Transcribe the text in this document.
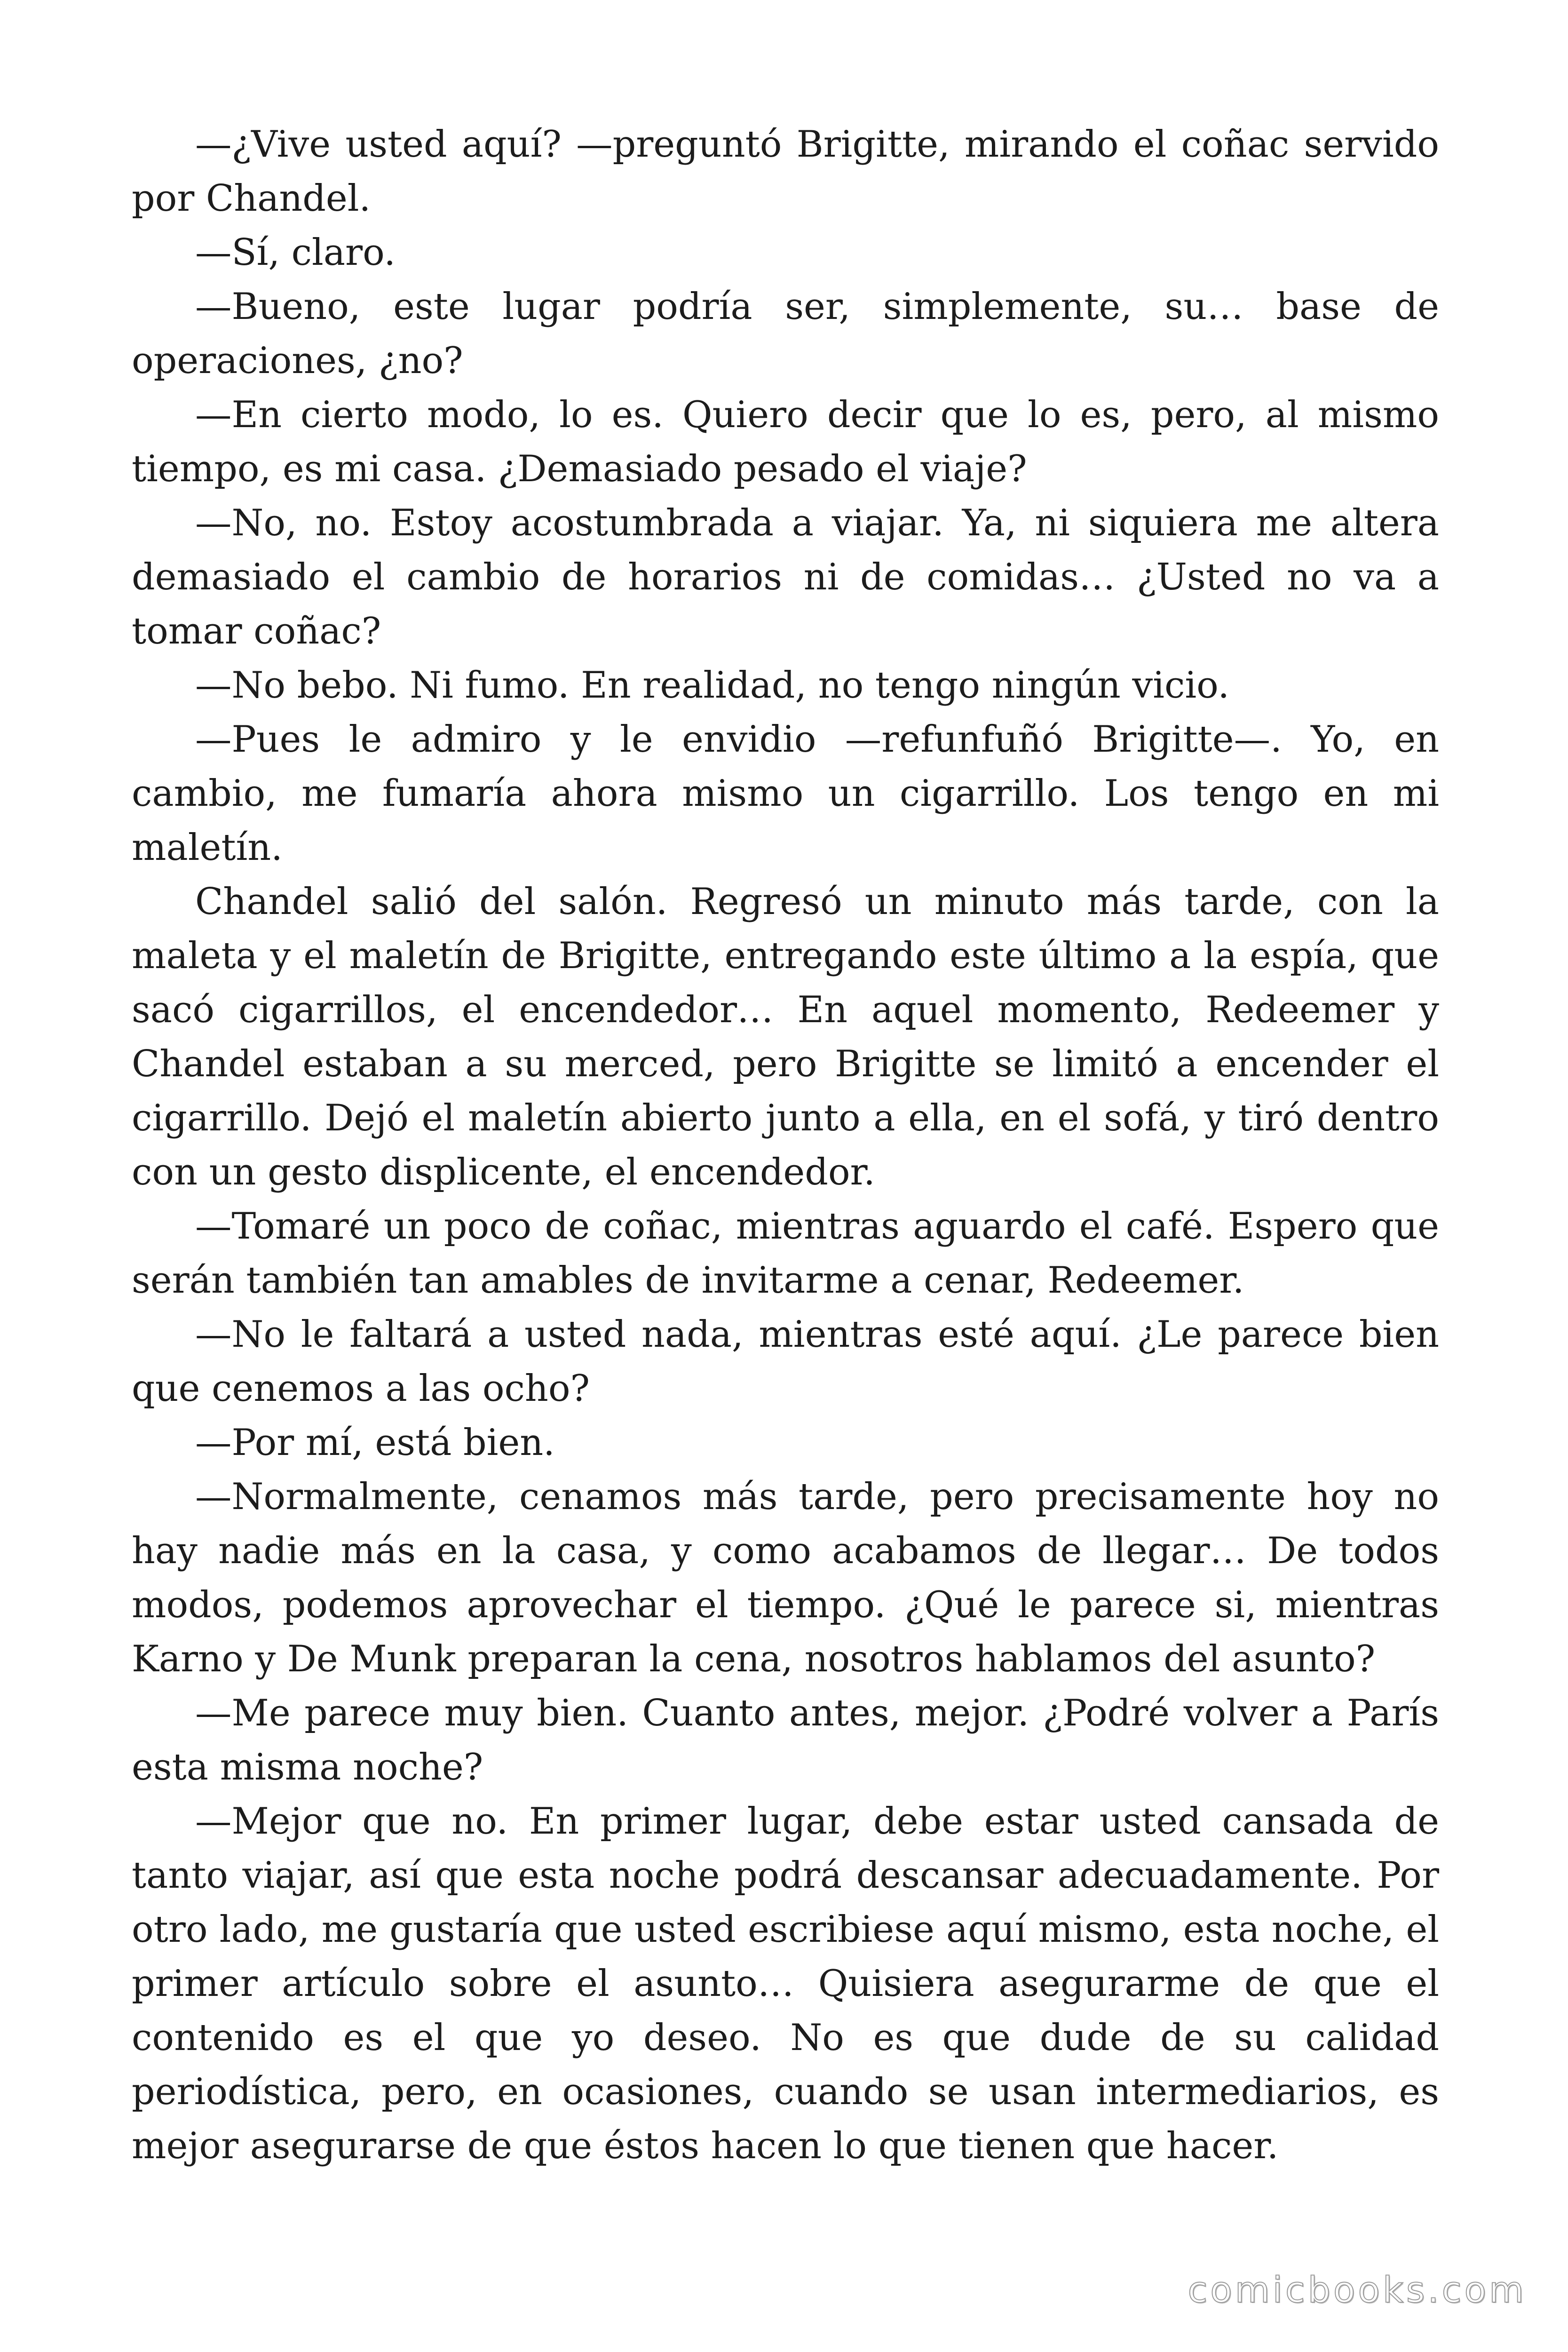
—¿Vive usted aquí? —preguntó Brigitte, mirando el coñac servido por Chandel.

—Sí, claro.

—Bueno, este lugar podría ser, simplemente, su… base de operaciones, ¿no?

—En cierto modo, lo es. Quiero decir que lo es, pero, al mismo tiempo, es mi casa. ¿Demasiado pesado el viaje?

—No, no. Estoy acostumbrada a viajar. Ya, ni siquiera me altera demasiado el cambio de horarios ni de comidas… ¿Usted no va a tomar coñac?

—No bebo. Ni fumo. En realidad, no tengo ningún vicio.

—Pues le admiro y le envidio —refunfuñó Brigitte—. Yo, en cambio, me fumaría ahora mismo un cigarrillo. Los tengo en mi maletín.

Chandel salió del salón. Regresó un minuto más tarde, con la maleta y el maletín de Brigitte, entregando este último a la espía, que sacó cigarrillos, el encendedor… En aquel momento, Redeemer y Chandel estaban a su merced, pero Brigitte se limitó a encender el cigarrillo. Dejó el maletín abierto junto a ella, en el sofá, y tiró dentro con un gesto displicente, el encendedor.

—Tomaré un poco de coñac, mientras aguardo el café. Espero que serán también tan amables de invitarme a cenar, Redeemer.

—No le faltará a usted nada, mientras esté aquí. ¿Le parece bien que cenemos a las ocho?

—Por mí, está bien.

—Normalmente, cenamos más tarde, pero precisamente hoy no hay nadie más en la casa, y como acabamos de llegar… De todos modos, podemos aprovechar el tiempo. ¿Qué le parece si, mientras Karno y De Munk preparan la cena, nosotros hablamos del asunto?

—Me parece muy bien. Cuanto antes, mejor. ¿Podré volver a París esta misma noche?

—Mejor que no. En primer lugar, debe estar usted cansada de tanto viajar, así que esta noche podrá descansar adecuadamente. Por otro lado, me gustaría que usted escribiese aquí mismo, esta noche, el primer artículo sobre el asunto… Quisiera asegurarme de que el contenido es el que yo deseo. No es que dude de su calidad periodística, pero, en ocasiones, cuando se usan intermediarios, es mejor asegurarse de que éstos hacen lo que tienen que hacer.

comicbooks.com
